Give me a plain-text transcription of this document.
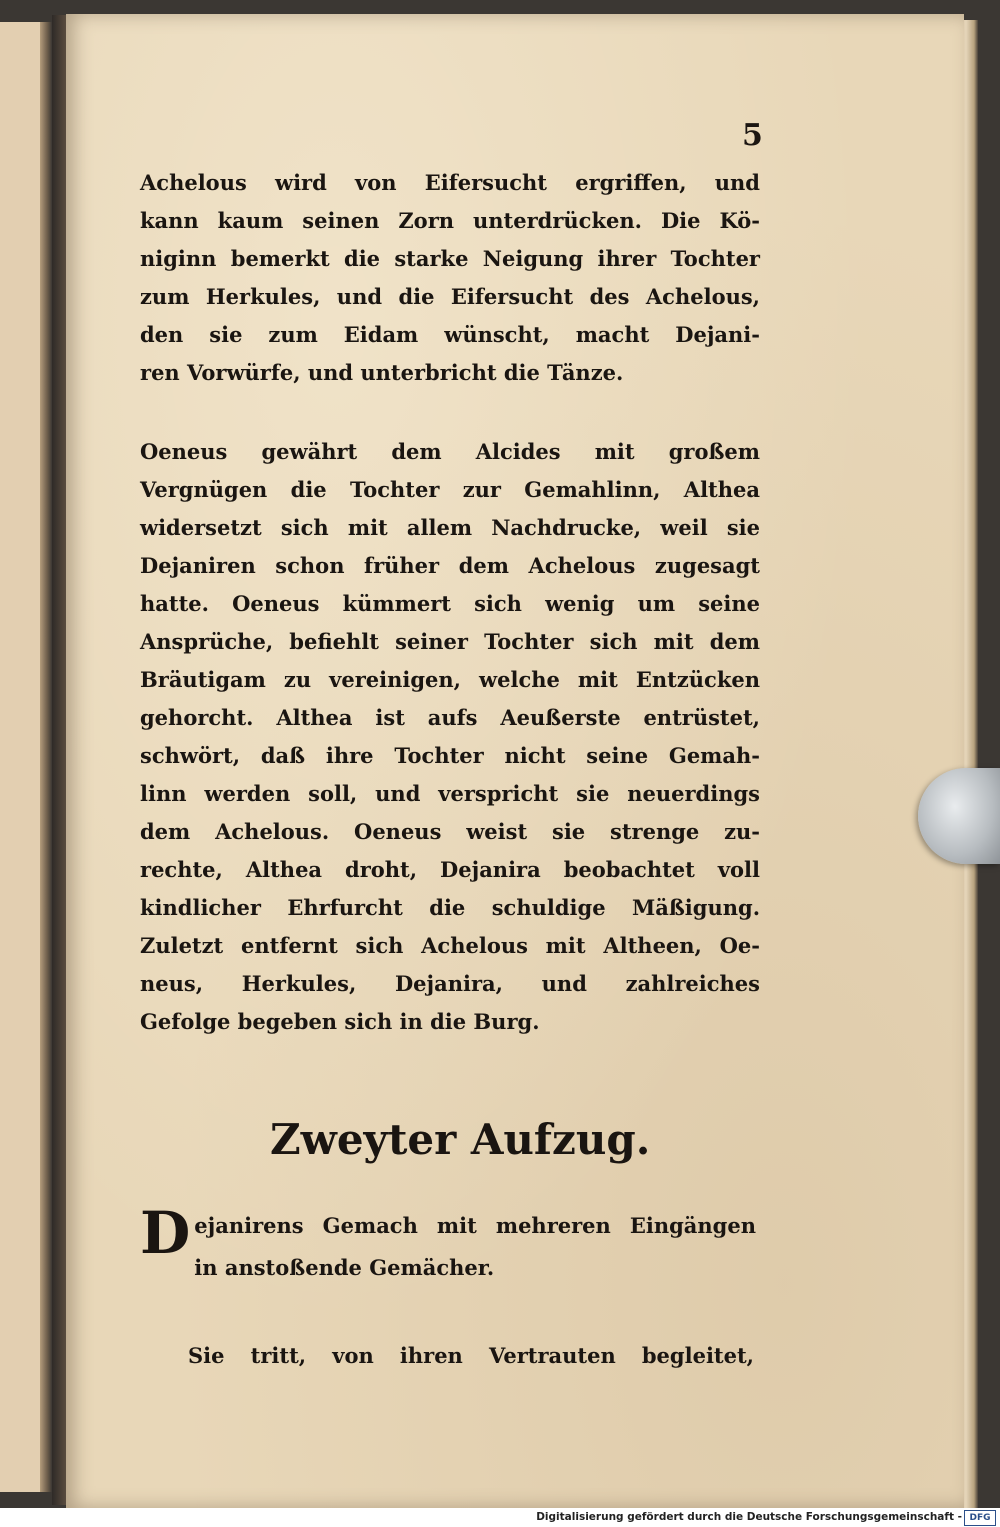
5
Achelous wird von Eifersucht ergriffen, und
kann kaum seinen Zorn unterdrücken. Die Kö-
niginn bemerkt die starke Neigung ihrer Tochter
zum Herkules, und die Eifersucht des Achelous,
den sie zum Eidam wünscht, macht Dejani-
ren Vorwürfe, und unterbricht die Tänze.
Oeneus gewährt dem Alcides mit großem
Vergnügen die Tochter zur Gemahlinn, Althea
widersetzt sich mit allem Nachdrucke, weil sie
Dejaniren schon früher dem Achelous zugesagt
hatte. Oeneus kümmert sich wenig um seine
Ansprüche, befiehlt seiner Tochter sich mit dem
Bräutigam zu vereinigen, welche mit Entzücken
gehorcht. Althea ist aufs Aeußerste entrüstet,
schwört, daß ihre Tochter nicht seine Gemah-
linn werden soll, und verspricht sie neuerdings
dem Achelous. Oeneus weist sie strenge zu-
rechte, Althea droht, Dejanira beobachtet voll
kindlicher Ehrfurcht die schuldige Mäßigung.
Zuletzt entfernt sich Achelous mit Altheen, Oe-
neus, Herkules, Dejanira, und zahlreiches
Gefolge begeben sich in die Burg.
Zweyter Aufzug.
D ejanirens Gemach mit mehreren Eingängen
in anstoßende Gemächer.
Sie tritt, von ihren Vertrauten begleitet,
Digitalisierung gefördert durch die Deutsche Forschungsgemeinschaft - DFG
